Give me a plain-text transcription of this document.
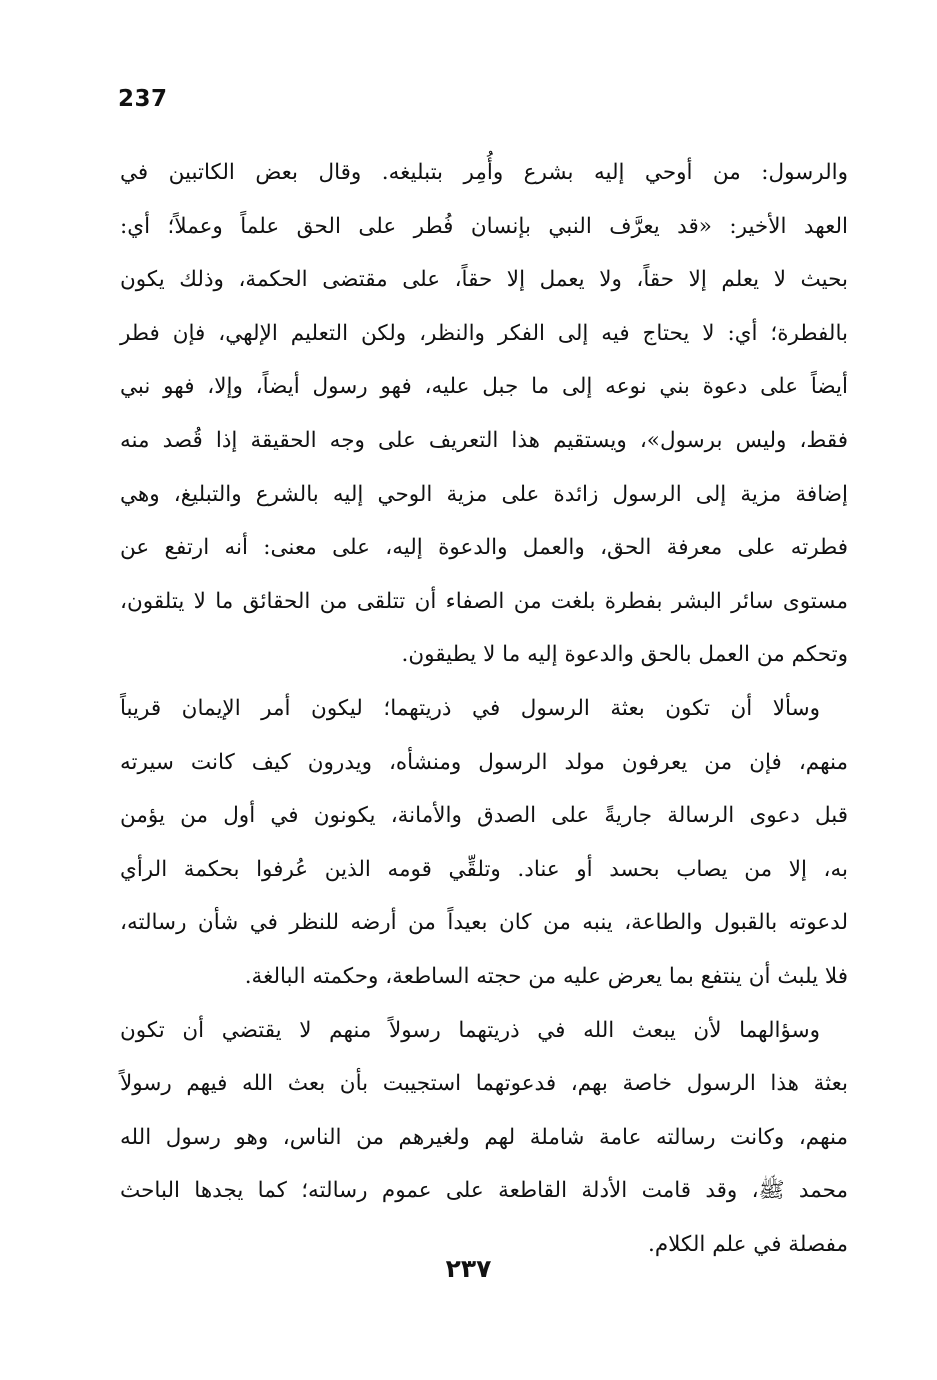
237
والرسول: من أوحي إليه بشرع وأُمِر بتبليغه. وقال بعض الكاتبين في
العهد الأخير: «قد يعرَّف النبي بإنسان فُطر على الحق علماً وعملاً؛ أي:
بحيث لا يعلم إلا حقاً، ولا يعمل إلا حقاً، على مقتضى الحكمة، وذلك يكون
بالفطرة؛ أي: لا يحتاج فيه إلى الفكر والنظر، ولكن التعليم الإلهي، فإن فطر
أيضاً على دعوة بني نوعه إلى ما جبل عليه، فهو رسول أيضاً، وإلا، فهو نبي
فقط، وليس برسول»، ويستقيم هذا التعريف على وجه الحقيقة إذا قُصد منه
إضافة مزية إلى الرسول زائدة على مزية الوحي إليه بالشرع والتبليغ، وهي
فطرته على معرفة الحق، والعمل والدعوة إليه، على معنى: أنه ارتفع عن
مستوى سائر البشر بفطرة بلغت من الصفاء أن تتلقى من الحقائق ما لا يتلقون،
وتحكم من العمل بالحق والدعوة إليه ما لا يطيقون.
وسألا أن تكون بعثة الرسول في ذريتهما؛ ليكون أمر الإيمان قريباً
منهم، فإن من يعرفون مولد الرسول ومنشأه، ويدرون كيف كانت سيرته
قبل دعوى الرسالة جاريةً على الصدق والأمانة، يكونون في أول من يؤمن
به، إلا من يصاب بحسد أو عناد. وتلقِّي قومه الذين عُرفوا بحكمة الرأي
لدعوته بالقبول والطاعة، ينبه من كان بعيداً من أرضه للنظر في شأن رسالته،
فلا يلبث أن ينتفع بما يعرض عليه من حجته الساطعة، وحكمته البالغة.
وسؤالهما لأن يبعث الله في ذريتهما رسولاً منهم لا يقتضي أن تكون
بعثة هذا الرسول خاصة بهم، فدعوتهما استجيبت بأن بعث الله فيهم رسولاً
منهم، وكانت رسالته عامة شاملة لهم ولغيرهم من الناس، وهو رسول الله
محمد ﷺ، وقد قامت الأدلة القاطعة على عموم رسالته؛ كما يجدها الباحث
مفصلة في علم الكلام.
٢٣٧
